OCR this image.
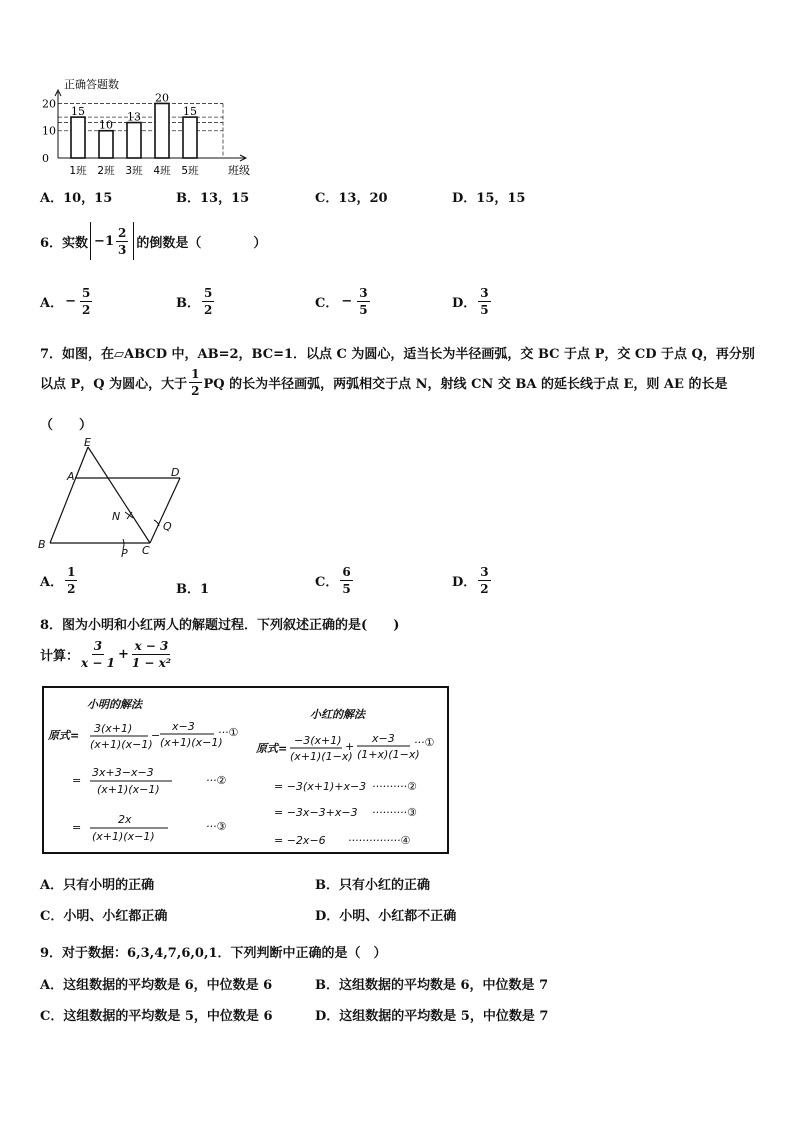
正确答题数
0
10
20
15
1班
10
2班
13
3班
20
4班
15
5班	班级
A．10，15	B．13，15	C．13，20	D．15，15
6．实数 $-1 \frac{2}{3}$ 的倒数是（　　　　）
A． − $\frac{5}{2}$	B． $\frac{5}{2}$	C． − $\frac{3}{5}$	D． $\frac{3}{5}$
7．如图，在▱ABCD 中，AB=2，BC=1．以点 C 为圆心，适当长为半径画弧，交 BC 于点 P，交 CD 于点 Q，再分别
以点 P，Q 为圆心，大于 $\frac{1}{2}$ PQ 的长为半径画弧，两弧相交于点 N，射线 CN 交 BA 的延长线于点 E，则 AE 的长是
（　　）
E
A	D
N
Q
B
P C
A． $\frac{1}{2}$	B．1	C． $\frac{6}{5}$	D． $\frac{3}{2}$
8．图为小明和小红两人的解题过程．下列叙述正确的是(　　)
计算： $\frac{3}{x - 1} + \frac{x - 3}{\text{1 − x²}}$
小明的解法
原式=
3(x+1)
(x+1)(x−1)
−
x−3
(x+1)(x−1)
···①
=
3x+3−x−3
(x+1)(x−1)
···②
=
2x
(x+1)(x−1)
···③
小红的解法
原式=
−3(x+1)
(x+1)(1−x)
+
x−3
(1+x)(1−x)
···①
= −3(x+1)+x−3 ··········②
= −3x−3+x−3 ··········③
= −2x−6 ···············④
A．只有小明的正确	B．只有小红的正确
C．小明、小红都正确	D．小明、小红都不正确
9．对于数据：6,3,4,7,6,0,1．下列判断中正确的是（　）
A．这组数据的平均数是 6，中位数是 6	B．这组数据的平均数是 6，中位数是 7
C．这组数据的平均数是 5，中位数是 6	D．这组数据的平均数是 5，中位数是 7
